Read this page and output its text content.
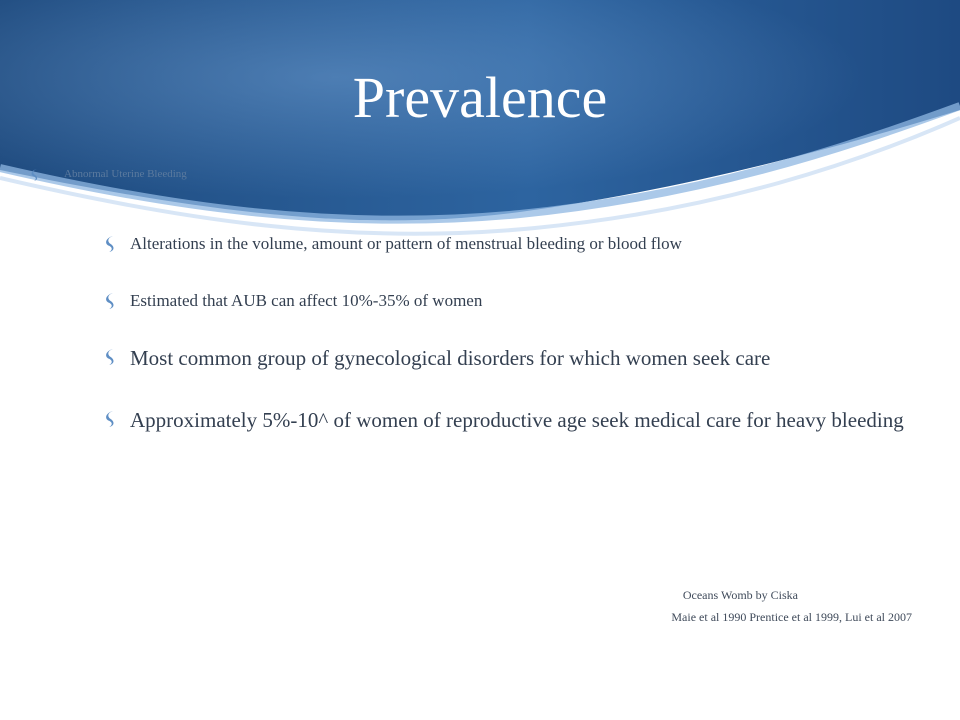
Prevalence
Abnormal Uterine Bleeding
Alterations in the volume, amount or pattern of menstrual bleeding or blood flow
Estimated that AUB can affect 10%-35% of women
Most common group of gynecological disorders for which women seek care
Approximately 5%-10^ of women of reproductive age seek medical care for heavy bleeding
Oceans Womb by Ciska
Maie et al 1990 Prentice et al 1999, Lui et al 2007
